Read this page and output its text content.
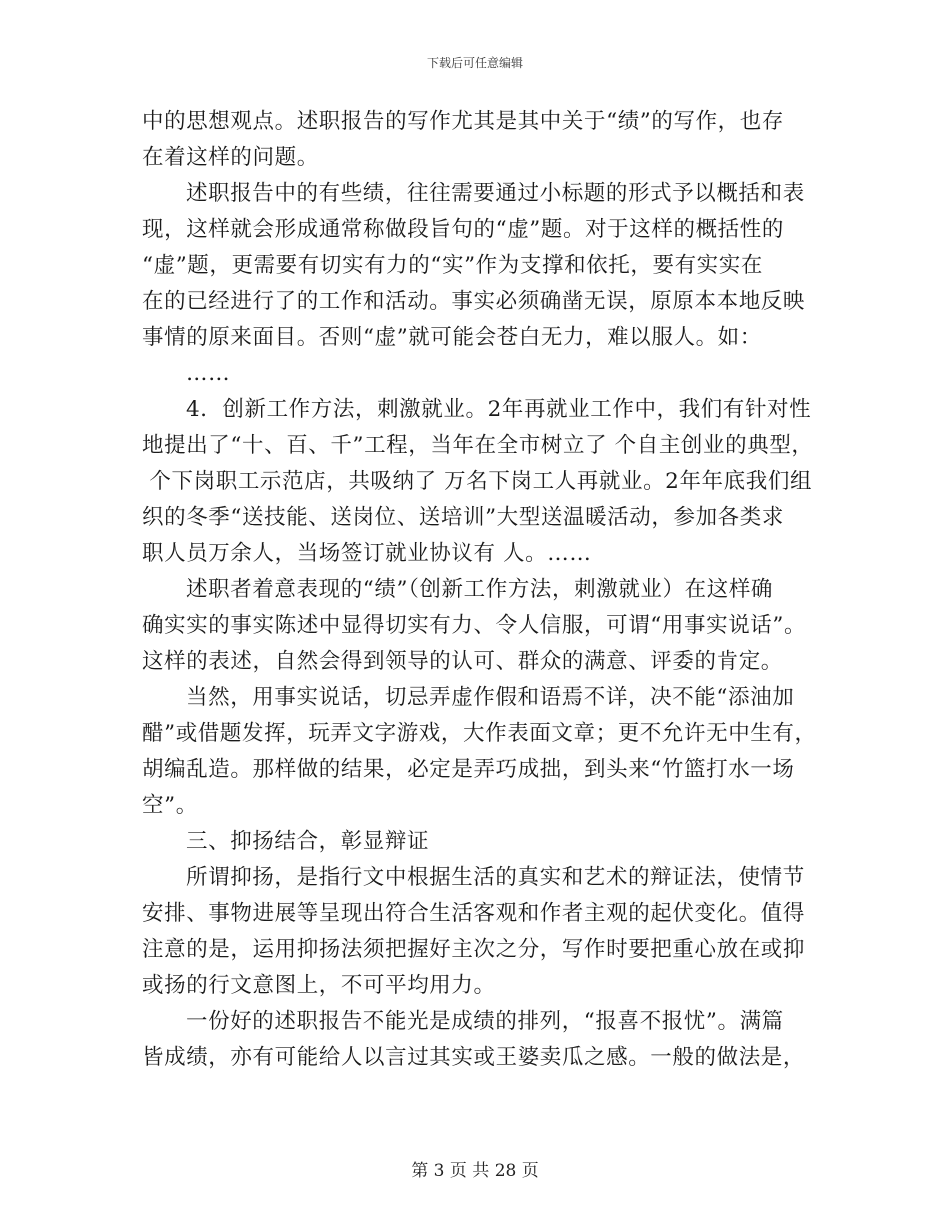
下载后可任意编辑
中的思想观点。述职报告的写作尤其是其中关于“绩”的写作，也存
在着这样的问题。
述职报告中的有些绩，往往需要通过小标题的形式予以概括和表
现，这样就会形成通常称做段旨句的“虚”题。对于这样的概括性的
“虚”题，更需要有切实有力的“实”作为支撑和依托，要有实实在
在的已经进行了的工作和活动。事实必须确凿无误，原原本本地反映
事情的原来面目。否则“虚”就可能会苍白无力，难以服人。如：
……
4．创新工作方法，刺激就业。2年再就业工作中，我们有针对性
地提出了“十、百、千”工程，当年在全市树立了 个自主创业的典型，
个下岗职工示范店，共吸纳了 万名下岗工人再就业。2年年底我们组
织的冬季“送技能、送岗位、送培训”大型送温暖活动，参加各类求
职人员万余人，当场签订就业协议有 人。……
述职者着意表现的“绩”（创新工作方法，刺激就业）在这样确
确实实的事实陈述中显得切实有力、令人信服，可谓“用事实说话”。
这样的表述，自然会得到领导的认可、群众的满意、评委的肯定。
当然，用事实说话，切忌弄虚作假和语焉不详，决不能“添油加
醋”或借题发挥，玩弄文字游戏，大作表面文章；更不允许无中生有，
胡编乱造。那样做的结果，必定是弄巧成拙，到头来“竹篮打水一场
空”。
三、抑扬结合，彰显辩证
所谓抑扬，是指行文中根据生活的真实和艺术的辩证法，使情节
安排、事物进展等呈现出符合生活客观和作者主观的起伏变化。值得
注意的是，运用抑扬法须把握好主次之分，写作时要把重心放在或抑
或扬的行文意图上，不可平均用力。
一份好的述职报告不能光是成绩的排列，“报喜不报忧”。满篇
皆成绩，亦有可能给人以言过其实或王婆卖瓜之感。一般的做法是，
第 3 页 共 28 页
